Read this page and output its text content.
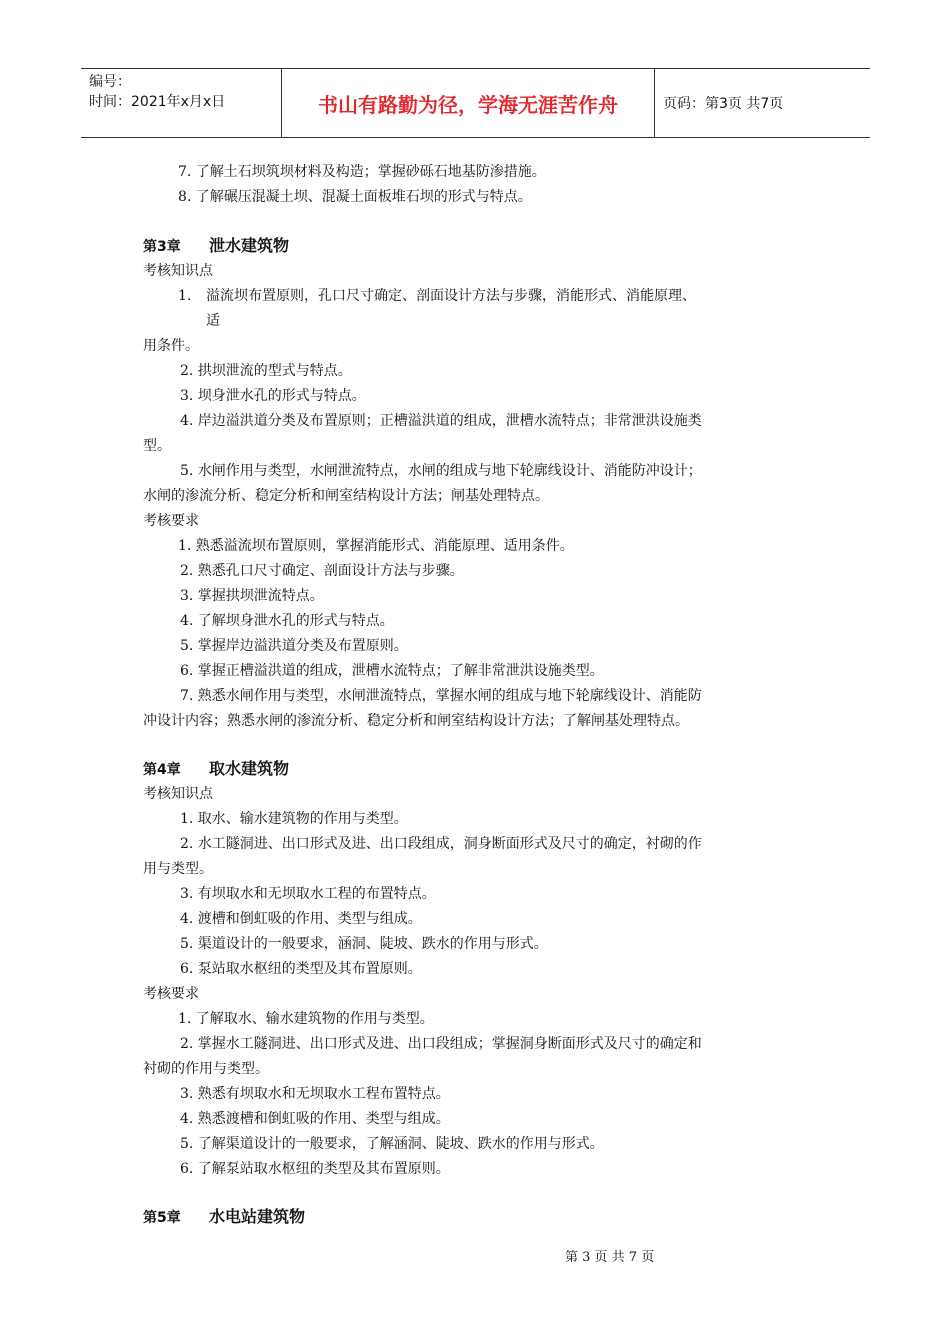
编号：
时间：2021年x月x日	书山有路勤为径，学海无涯苦作舟	页码：第3页 共7页
7. 了解土石坝筑坝材料及构造；掌握砂砾石地基防渗措施。
8. 了解碾压混凝土坝、混凝土面板堆石坝的形式与特点。
第3章 泄水建筑物
考核知识点
1. 溢流坝布置原则，孔口尺寸确定、剖面设计方法与步骤，消能形式、消能原理、
适
用条件。
2. 拱坝泄流的型式与特点。
3. 坝身泄水孔的形式与特点。
4. 岸边溢洪道分类及布置原则；正槽溢洪道的组成，泄槽水流特点；非常泄洪设施类
型。
5. 水闸作用与类型，水闸泄流特点，水闸的组成与地下轮廓线设计、消能防冲设计；
水闸的渗流分析、稳定分析和闸室结构设计方法；闸基处理特点。
考核要求
1. 熟悉溢流坝布置原则，掌握消能形式、消能原理、适用条件。
2. 熟悉孔口尺寸确定、剖面设计方法与步骤。
3. 掌握拱坝泄流特点。
4. 了解坝身泄水孔的形式与特点。
5. 掌握岸边溢洪道分类及布置原则。
6. 掌握正槽溢洪道的组成，泄槽水流特点；了解非常泄洪设施类型。
7. 熟悉水闸作用与类型，水闸泄流特点，掌握水闸的组成与地下轮廓线设计、消能防
冲设计内容；熟悉水闸的渗流分析、稳定分析和闸室结构设计方法；了解闸基处理特点。
第4章 取水建筑物
考核知识点
1. 取水、输水建筑物的作用与类型。
2. 水工隧洞进、出口形式及进、出口段组成，洞身断面形式及尺寸的确定，衬砌的作
用与类型。
3. 有坝取水和无坝取水工程的布置特点。
4. 渡槽和倒虹吸的作用、类型与组成。
5. 渠道设计的一般要求，涵洞、陡坡、跌水的作用与形式。
6. 泵站取水枢纽的类型及其布置原则。
考核要求
1. 了解取水、输水建筑物的作用与类型。
2. 掌握水工隧洞进、出口形式及进、出口段组成；掌握洞身断面形式及尺寸的确定和
衬砌的作用与类型。
3. 熟悉有坝取水和无坝取水工程布置特点。
4. 熟悉渡槽和倒虹吸的作用、类型与组成。
5. 了解渠道设计的一般要求，了解涵洞、陡坡、跌水的作用与形式。
6. 了解泵站取水枢纽的类型及其布置原则。
第5章 水电站建筑物
第 3 页 共 7 页
